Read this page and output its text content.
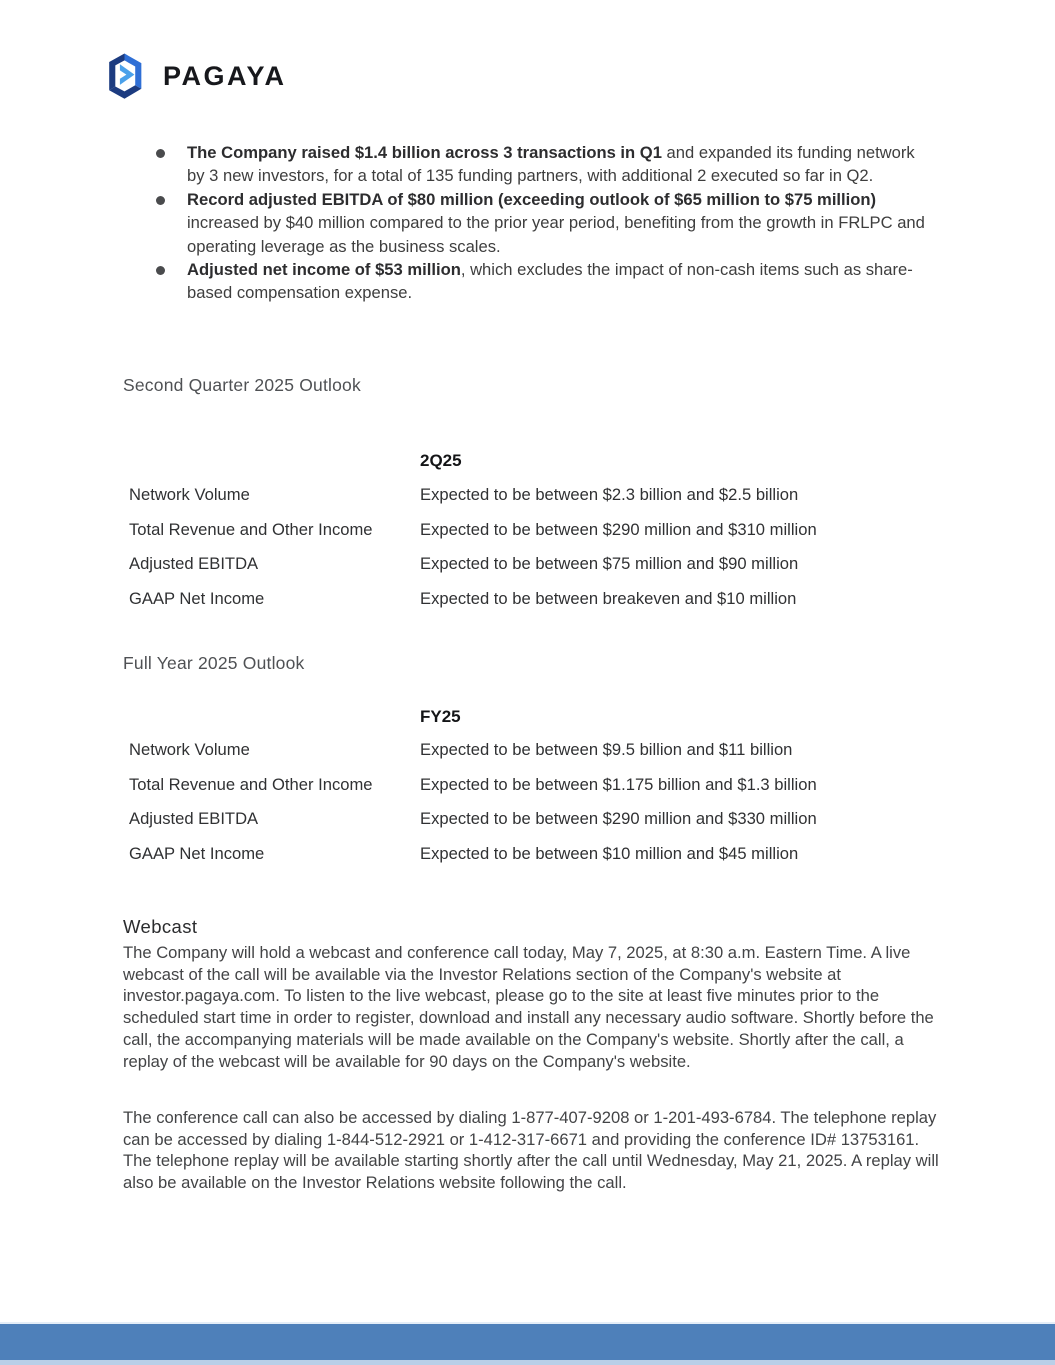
PAGAYA
The Company raised $1.4 billion across 3 transactions in Q1 and expanded its funding network by 3 new investors, for a total of 135 funding partners, with additional 2 executed so far in Q2.
Record adjusted EBITDA of $80 million (exceeding outlook of $65 million to $75 million) increased by $40 million compared to the prior year period, benefiting from the growth in FRLPC and operating leverage as the business scales.
Adjusted net income of $53 million, which excludes the impact of non-cash items such as share-based compensation expense.
Second Quarter 2025 Outlook
2Q25
Network Volume	Expected to be between $2.3 billion and $2.5 billion
Total Revenue and Other Income	Expected to be between $290 million and $310 million
Adjusted EBITDA	Expected to be between $75 million and $90 million
GAAP Net Income	Expected to be between breakeven and $10 million
Full Year 2025 Outlook
FY25
Network Volume	Expected to be between $9.5 billion and $11 billion
Total Revenue and Other Income	Expected to be between $1.175 billion and $1.3 billion
Adjusted EBITDA	Expected to be between $290 million and $330 million
GAAP Net Income	Expected to be between $10 million and $45 million
Webcast

The Company will hold a webcast and conference call today, May 7, 2025, at 8:30 a.m. Eastern Time. A live webcast of the call will be available via the Investor Relations section of the Company's website at investor.pagaya.com. To listen to the live webcast, please go to the site at least five minutes prior to the scheduled start time in order to register, download and install any necessary audio software. Shortly before the call, the accompanying materials will be made available on the Company's website. Shortly after the call, a replay of the webcast will be available for 90 days on the Company's website.

The conference call can also be accessed by dialing 1-877-407-9208 or 1-201-493-6784. The telephone replay can be accessed by dialing 1-844-512-2921 or 1-412-317-6671 and providing the conference ID# 13753161. The telephone replay will be available starting shortly after the call until Wednesday, May 21, 2025. A replay will also be available on the Investor Relations website following the call.
